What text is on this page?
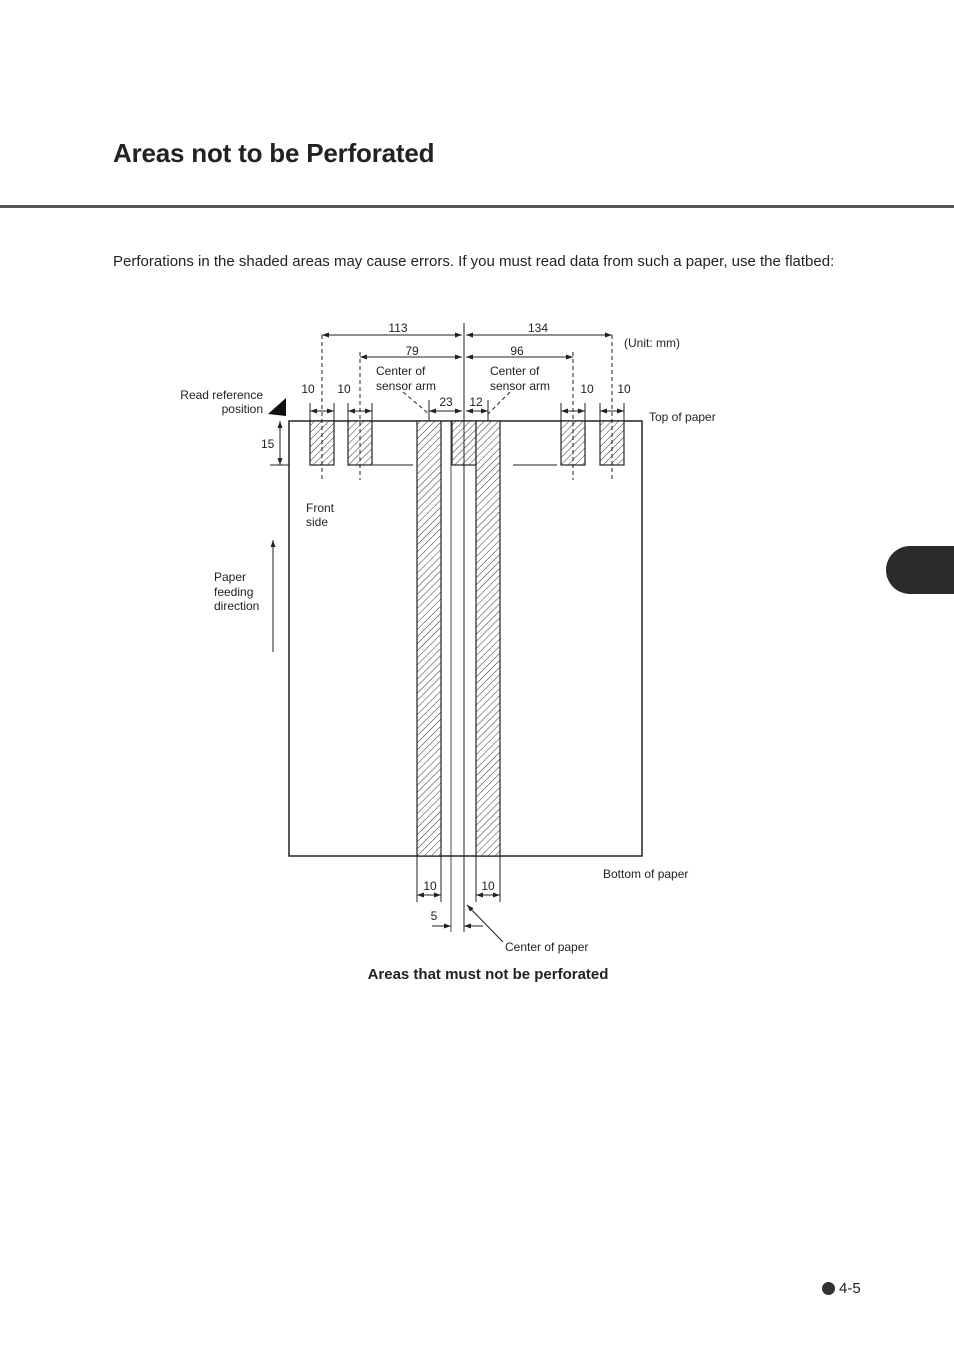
Areas not to be Perforated

Perforations in the shaded areas may cause errors. If you must read data from such a paper, use the flatbed:

113	134
(Unit: mm)
79	96
Center of
sensor arm
Center of
sensor arm
10 10	10 10
23 12
Read reference
position
Top of paper
15
Front
side
Paper
feeding
direction
Bottom of paper
10	10
5
Center of paper
Areas that must not be perforated
4-5
